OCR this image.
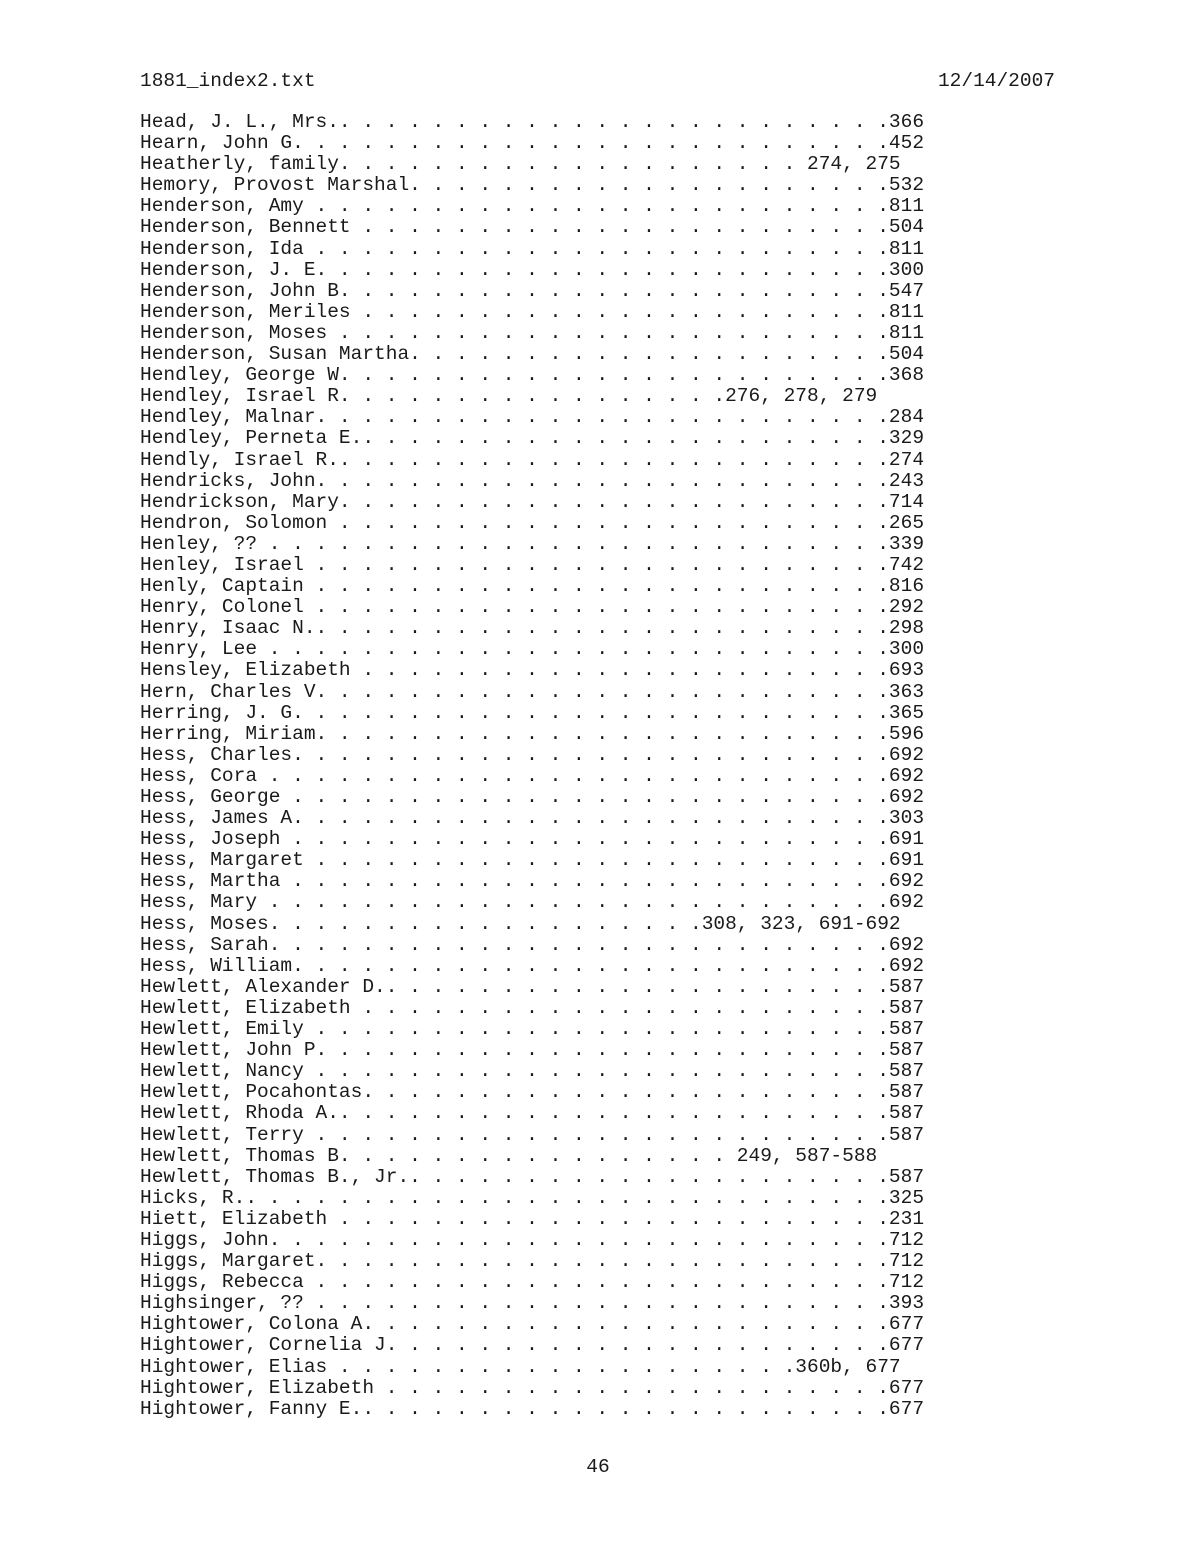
1881_index2.txt	12/14/2007
Head, J. L., Mrs.. . . . . . . . . . . . . . . . . . . . . . . .366
Hearn, John G. . . . . . . . . . . . . . . . . . . . . . . . . .452
Heatherly, family. . . . . . . . . . . . . . . . . . . . 274, 275
Hemory, Provost Marshal. . . . . . . . . . . . . . . . . . . . .532
Henderson, Amy . . . . . . . . . . . . . . . . . . . . . . . . .811
Henderson, Bennett . . . . . . . . . . . . . . . . . . . . . . .504
Henderson, Ida . . . . . . . . . . . . . . . . . . . . . . . . .811
Henderson, J. E. . . . . . . . . . . . . . . . . . . . . . . . .300
Henderson, John B. . . . . . . . . . . . . . . . . . . . . . . .547
Henderson, Meriles . . . . . . . . . . . . . . . . . . . . . . .811
Henderson, Moses . . . . . . . . . . . . . . . . . . . . . . . .811
Henderson, Susan Martha. . . . . . . . . . . . . . . . . . . . .504
Hendley, George W. . . . . . . . . . . . . . . . . . . . . . . .368
Hendley, Israel R. . . . . . . . . . . . . . . . .276, 278, 279
Hendley, Malnar. . . . . . . . . . . . . . . . . . . . . . . . .284
Hendley, Perneta E.. . . . . . . . . . . . . . . . . . . . . . .329
Hendly, Israel R.. . . . . . . . . . . . . . . . . . . . . . . .274
Hendricks, John. . . . . . . . . . . . . . . . . . . . . . . . .243
Hendrickson, Mary. . . . . . . . . . . . . . . . . . . . . . . .714
Hendron, Solomon . . . . . . . . . . . . . . . . . . . . . . . .265
Henley, ?? . . . . . . . . . . . . . . . . . . . . . . . . . . .339
Henley, Israel . . . . . . . . . . . . . . . . . . . . . . . . .742
Henly, Captain . . . . . . . . . . . . . . . . . . . . . . . . .816
Henry, Colonel . . . . . . . . . . . . . . . . . . . . . . . . .292
Henry, Isaac N.. . . . . . . . . . . . . . . . . . . . . . . . .298
Henry, Lee . . . . . . . . . . . . . . . . . . . . . . . . . . .300
Hensley, Elizabeth . . . . . . . . . . . . . . . . . . . . . . .693
Hern, Charles V. . . . . . . . . . . . . . . . . . . . . . . . .363
Herring, J. G. . . . . . . . . . . . . . . . . . . . . . . . . .365
Herring, Miriam. . . . . . . . . . . . . . . . . . . . . . . . .596
Hess, Charles. . . . . . . . . . . . . . . . . . . . . . . . . .692
Hess, Cora . . . . . . . . . . . . . . . . . . . . . . . . . . .692
Hess, George . . . . . . . . . . . . . . . . . . . . . . . . . .692
Hess, James A. . . . . . . . . . . . . . . . . . . . . . . . . .303
Hess, Joseph . . . . . . . . . . . . . . . . . . . . . . . . . .691
Hess, Margaret . . . . . . . . . . . . . . . . . . . . . . . . .691
Hess, Martha . . . . . . . . . . . . . . . . . . . . . . . . . .692
Hess, Mary . . . . . . . . . . . . . . . . . . . . . . . . . . .692
Hess, Moses. . . . . . . . . . . . . . . . . . .308, 323, 691-692
Hess, Sarah. . . . . . . . . . . . . . . . . . . . . . . . . . .692
Hess, William. . . . . . . . . . . . . . . . . . . . . . . . . .692
Hewlett, Alexander D.. . . . . . . . . . . . . . . . . . . . . .587
Hewlett, Elizabeth . . . . . . . . . . . . . . . . . . . . . . .587
Hewlett, Emily . . . . . . . . . . . . . . . . . . . . . . . . .587
Hewlett, John P. . . . . . . . . . . . . . . . . . . . . . . . .587
Hewlett, Nancy . . . . . . . . . . . . . . . . . . . . . . . . .587
Hewlett, Pocahontas. . . . . . . . . . . . . . . . . . . . . . .587
Hewlett, Rhoda A.. . . . . . . . . . . . . . . . . . . . . . . .587
Hewlett, Terry . . . . . . . . . . . . . . . . . . . . . . . . .587
Hewlett, Thomas B. . . . . . . . . . . . . . . . . 249, 587-588
Hewlett, Thomas B., Jr.. . . . . . . . . . . . . . . . . . . . .587
Hicks, R.. . . . . . . . . . . . . . . . . . . . . . . . . . . .325
Hiett, Elizabeth . . . . . . . . . . . . . . . . . . . . . . . .231
Higgs, John. . . . . . . . . . . . . . . . . . . . . . . . . . .712
Higgs, Margaret. . . . . . . . . . . . . . . . . . . . . . . . .712
Higgs, Rebecca . . . . . . . . . . . . . . . . . . . . . . . . .712
Highsinger, ?? . . . . . . . . . . . . . . . . . . . . . . . . .393
Hightower, Colona A. . . . . . . . . . . . . . . . . . . . . . .677
Hightower, Cornelia J. . . . . . . . . . . . . . . . . . . . . .677
Hightower, Elias . . . . . . . . . . . . . . . . . . . .360b, 677
Hightower, Elizabeth . . . . . . . . . . . . . . . . . . . . . .677
Hightower, Fanny E.. . . . . . . . . . . . . . . . . . . . . . .677
46
